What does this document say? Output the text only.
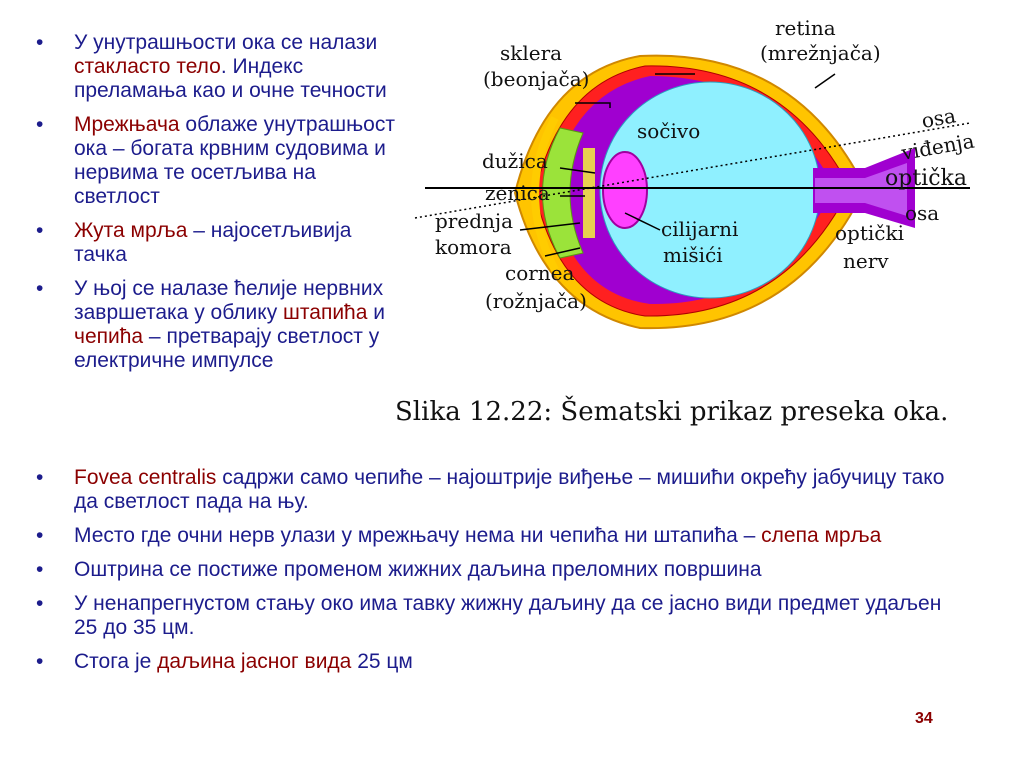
• У унутрашњости ока се налази стакласто тело. Индекс преламања као и очне течности
• Мрежњача облаже унутрашњост ока – богата крвним судовима и нервима те осетљива на светлост
• Жута мрља – најосетљивија тачка
• У њој се налазе ћелије нервних завршетака у облику штапића и чепића – претварају светлост у електричне импулсе
retina
(mrežnjača)
sklera
(beonjača)
sočivo	osa
viđenja
dužica
zenica
optička
osa
prednja
komora
cilijarni
mišići
optički
nerv
cornea
(rožnjača)
Slika 12.22: Šematski prikaz preseka oka.
• Fovea centralis садржи само чепиће – најоштрије виђење – мишићи окрећу јабучицу тако да светлост пада на њу.
• Место где очни нерв улази у мрежњачу нема ни чепића ни штапића – слепа мрља
• Оштрина се постиже променом жижних даљина преломних површина
• У ненапрегнустом стању око има тавку жижну даљину да се јасно види предмет удаљен 25 до 35 цм.
• Стога је даљина јасног вида 25 цм
34
